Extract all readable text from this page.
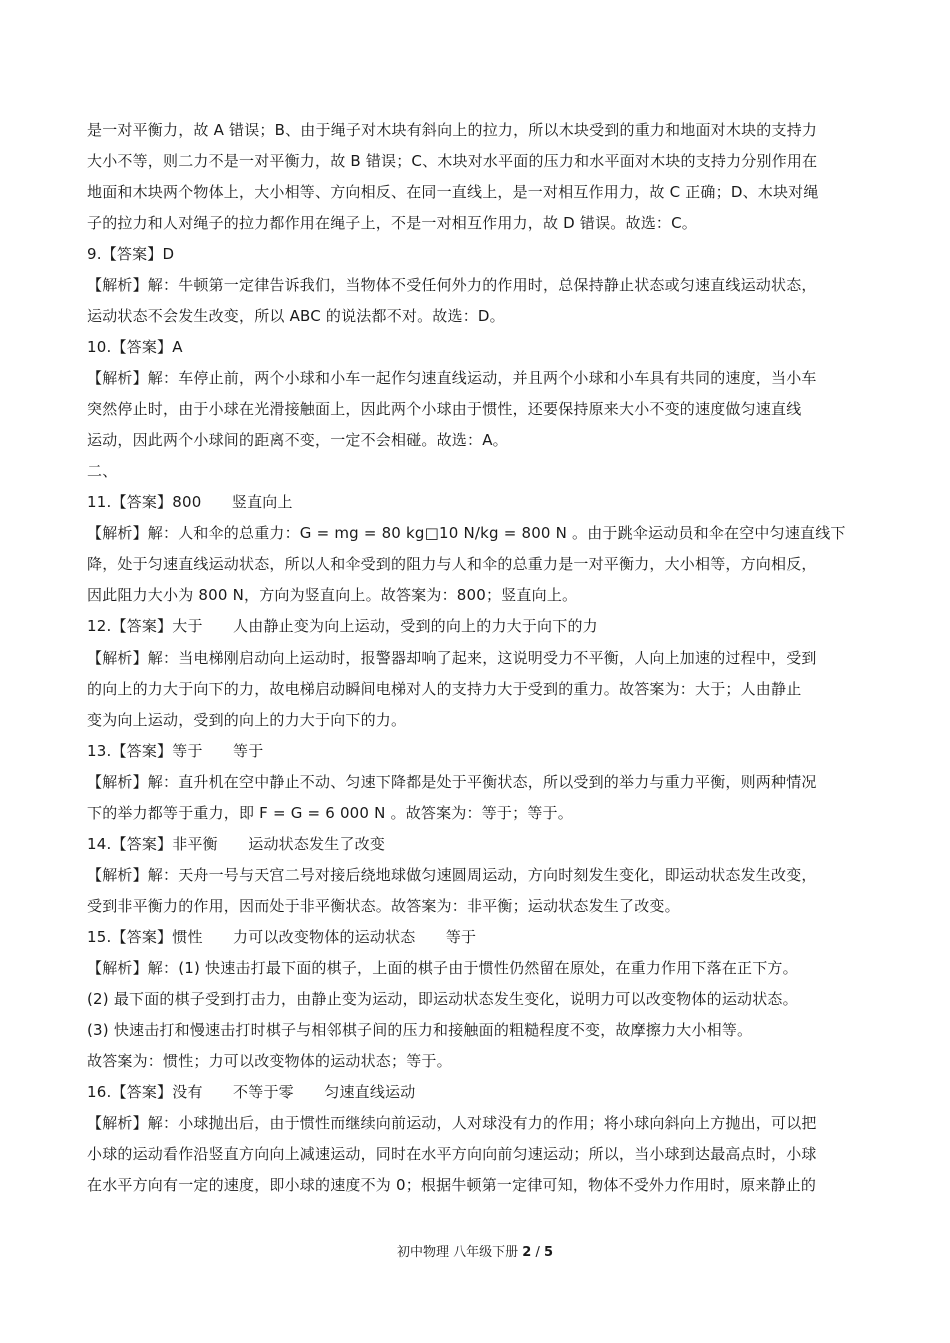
是一对平衡力，故 A 错误；B、由于绳子对木块有斜向上的拉力，所以木块受到的重力和地面对木块的支持力
大小不等，则二力不是一对平衡力，故 B 错误；C、木块对水平面的压力和水平面对木块的支持力分别作用在
地面和木块两个物体上，大小相等、方向相反、在同一直线上，是一对相互作用力，故 C 正确；D、木块对绳
子的拉力和人对绳子的拉力都作用在绳子上，不是一对相互作用力，故 D 错误。故选：C。
9.【答案】D
【解析】解：牛顿第一定律告诉我们，当物体不受任何外力的作用时，总保持静止状态或匀速直线运动状态，
运动状态不会发生改变，所以 ABC 的说法都不对。故选：D。
10.【答案】A
【解析】解：车停止前，两个小球和小车一起作匀速直线运动，并且两个小球和小车具有共同的速度，当小车
突然停止时，由于小球在光滑接触面上，因此两个小球由于惯性，还要保持原来大小不变的速度做匀速直线
运动，因此两个小球间的距离不变，一定不会相碰。故选：A。
二、
11.【答案】800　　竖直向上
【解析】解：人和伞的总重力：G = mg = 80 kg□10 N/kg = 800 N 。由于跳伞运动员和伞在空中匀速直线下
降，处于匀速直线运动状态，所以人和伞受到的阻力与人和伞的总重力是一对平衡力，大小相等，方向相反，
因此阻力大小为 800 N，方向为竖直向上。故答案为：800；竖直向上。
12.【答案】大于　　人由静止变为向上运动，受到的向上的力大于向下的力
【解析】解：当电梯刚启动向上运动时，报警器却响了起来，这说明受力不平衡，人向上加速的过程中，受到
的向上的力大于向下的力，故电梯启动瞬间电梯对人的支持力大于受到的重力。故答案为：大于；人由静止
变为向上运动，受到的向上的力大于向下的力。
13.【答案】等于　　等于
【解析】解：直升机在空中静止不动、匀速下降都是处于平衡状态，所以受到的举力与重力平衡，则两种情况
下的举力都等于重力，即 F = G = 6 000 N 。故答案为：等于；等于。
14.【答案】非平衡　　运动状态发生了改变
【解析】解：天舟一号与天宫二号对接后绕地球做匀速圆周运动，方向时刻发生变化，即运动状态发生改变，
受到非平衡力的作用，因而处于非平衡状态。故答案为：非平衡；运动状态发生了改变。
15.【答案】惯性　　力可以改变物体的运动状态　　等于
【解析】解：(1) 快速击打最下面的棋子，上面的棋子由于惯性仍然留在原处，在重力作用下落在正下方。
(2) 最下面的棋子受到打击力，由静止变为运动，即运动状态发生变化，说明力可以改变物体的运动状态。
(3) 快速击打和慢速击打时棋子与相邻棋子间的压力和接触面的粗糙程度不变，故摩擦力大小相等。
故答案为：惯性；力可以改变物体的运动状态；等于。
16.【答案】没有　　不等于零　　匀速直线运动
【解析】解：小球抛出后，由于惯性而继续向前运动，人对球没有力的作用；将小球向斜向上方抛出，可以把
小球的运动看作沿竖直方向向上减速运动，同时在水平方向向前匀速运动；所以，当小球到达最高点时，小球
在水平方向有一定的速度，即小球的速度不为 0；根据牛顿第一定律可知，物体不受外力作用时，原来静止的
初中物理 八年级下册 2 / 5
